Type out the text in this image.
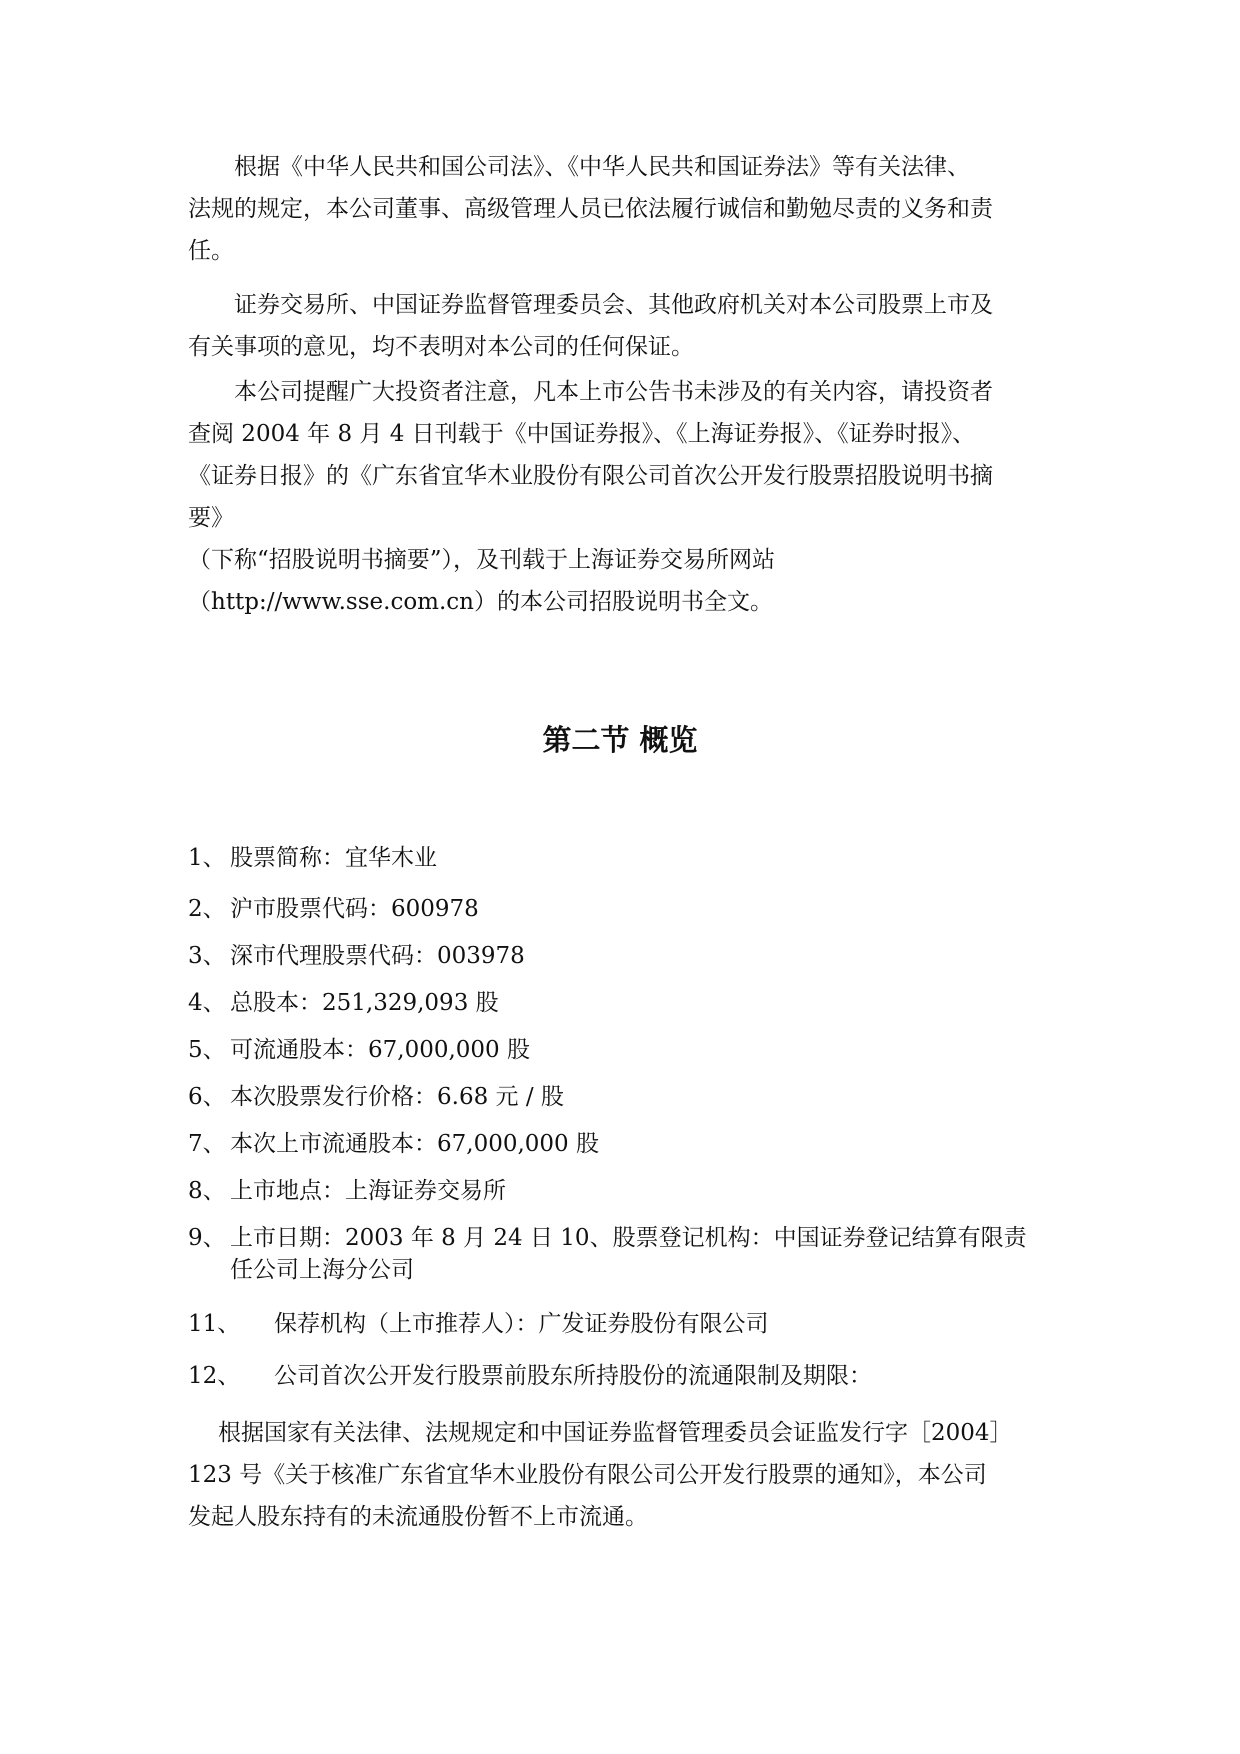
根据《中华人民共和国公司法》、《中华人民共和国证券法》等有关法律、
法规的规定，本公司董事、高级管理人员已依法履行诚信和勤勉尽责的义务和责
任。
证券交易所、中国证券监督管理委员会、其他政府机关对本公司股票上市及
有关事项的意见，均不表明对本公司的任何保证。
本公司提醒广大投资者注意，凡本上市公告书未涉及的有关内容，请投资者
查阅 2004 年 8 月 4 日刊载于《中国证券报》、《上海证券报》、《证券时报》、
《证券日报》的《广东省宜华木业股份有限公司首次公开发行股票招股说明书摘
要》
（下称“招股说明书摘要”），及刊载于上海证券交易所网站
（http://www.sse.com.cn）的本公司招股说明书全文。
第二节 概览
1、 股票简称：宜华木业
2、 沪市股票代码：600978
3、 深市代理股票代码：003978
4、 总股本：251,329,093 股
5、 可流通股本：67,000,000 股
6、 本次股票发行价格：6.68 元 / 股
7、 本次上市流通股本：67,000,000 股
8、 上市地点：上海证券交易所
9、 上市日期：2003 年 8 月 24 日 10、股票登记机构：中国证券登记结算有限责
任公司上海分公司
11、 保荐机构（上市推荐人）：广发证券股份有限公司
12、 公司首次公开发行股票前股东所持股份的流通限制及期限：
根据国家有关法律、法规规定和中国证券监督管理委员会证监发行字［2004］
123 号《关于核准广东省宜华木业股份有限公司公开发行股票的通知》，本公司
发起人股东持有的未流通股份暂不上市流通。
